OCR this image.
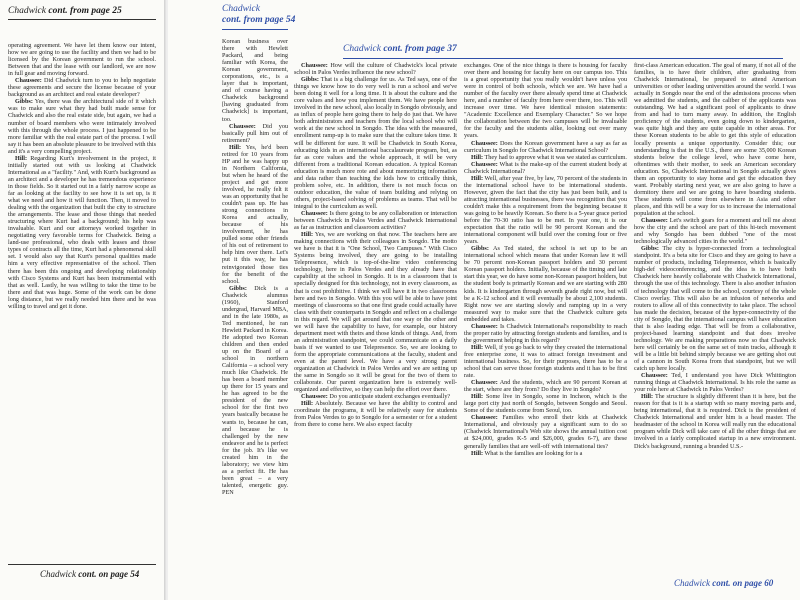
Chadwick cont. from page 25

operating agreement. We have let them know our intent, how we are going to use the facility and then we had to be licensed by the Korean government to run the school. Between that and the lease with our landlord, we are now in full gear and moving forward.

Chaussee: Did Chadwick turn to you to help negotiate these agreements and secure the license because of your background as an architect and real estate developer?

Gibbs: Yes, there was the architectural side of it which was to make sure what they had built made sense for Chadwick and also the real estate side, but again, we had a number of board members who were intimately involved with this through the whole process. I just happened to be more familiar with the real estate part of the process. I will say it has been an absolute pleasure to be involved with this and it's a very compelling project.

Hill: Regarding Kurt's involvement in the project, it initially started out with us looking at Chadwick International as a "facility." And, with Kurt's background as an architect and a developer he has tremendous experience in those fields. So it started out in a fairly narrow scope as far as looking at the facility to see how it is set up, is it what we need and how it will function. Then, it moved to dealing with the organization that built the city to structure the arrangements. The lease and those things that needed structuring where Kurt had a background; his help was invaluable. Kurt and our attorneys worked together in negotiating very favorable terms for Chadwick. Being a land-use professional, who deals with leases and those types of contracts all the time, Kurt had a phenomenal skill set. I would also say that Kurt's personal qualities made him a very effective representative of the school. Then there has been this ongoing and developing relationship with Cisco Systems and Kurt has been instrumental with that as well. Lastly, he was willing to take the time to be there and that was huge. Some of the work can be done long distance, but we really needed him there and he was willing to travel and get it done.

Chadwick cont. on page 54
Chadwick
cont. from page 54
Chadwick cont. from page 37

Korean business over there with Hewlett Packard, and being familiar with Korea, the Korean government, corporations, etc., is a layer that is important, and of course having a Chadwick background [having graduated from Chadwick] is important, too.

Chaussee: Did you basically pull him out of retirement?

Hill: Yes, he'd been retired for 10 years from HP and he was happy up in Northern California, but when he heard of the project and got more involved, he really felt it was an opportunity that he couldn't pass up. He has strong connections in Korea and actually, because of his involvement, he has pulled some other friends of his out of retirement to help him over there. Let's put it this way, he has reinvigorated those ties for the benefit of the school.

Gibbs: Dick is a Chadwick alumnus (1960), Stanford undergrad, Harvard MBA, and in the late 1980s, as Ted mentioned, he ran Hewlett Packard in Korea. He adopted two Korean children and then ended up on the Board of a school in northern California – a school very much like Chadwick. He has been a board member up there for 15 years and he has agreed to be the president of the new school for the first two years basically because he wants to, because he can, and because he is challenged by the new endeavor and he is perfect for the job. It's like we created him in the laboratory; we view him as a perfect fit. He has been great – a very talented, energetic guy. PEN

Chaussee: How will the culture of Chadwick's local private school in Palos Verdes influence the new school?

Gibbs: That is a big challenge for us. As Ted says, one of the things we know how to do very well is run a school and we've been doing it well for a long time. It is about the culture and the core values and how you implement them. We have people here involved in the new school, also locally in Songdo obviously, and as influx of people here going there to help do just that. We have both administrators and teachers from the local school who will work at the new school in Songdo. The idea with the measured, enrollment ramp-up is to make sure that the culture takes time. It will be different for sure. It will be Chadwick in South Korea, educating kids in an international baccalaureate program, but, as far as core values and the whole approach, it will be very different from a traditional Korean education. A typical Korean education is much more rote and about memorizing information and data rather than teaching the kids how to critically think, problem solve, etc. In addition, there is not much focus on outdoor education, the value of team building and relying on others, project-based solving of problems as teams. That will be integral to the curriculum as well.

Chaussee: Is there going to be any collaboration or interaction between Chadwick in Palos Verdes and Chadwick International as far as instruction and classroom activities?

Hill: Yes, we are working on that now. The teachers here are making connections with their colleagues in Songdo. The motto we have is that it is "One School, Two Campuses." With Cisco Systems being involved, they are going to be installing Telepresence, which is top-of-the-line video conferencing technology, here in Palos Verdes and they already have that capability at the school in Songdo. It is in a classroom that is specially designed for this technology, not in every classroom, as that is cost prohibitive. I think we will have it in two classrooms here and two in Songdo. With this you will be able to have joint meetings of classrooms so that one first grade could actually have class with their counterparts in Songdo and reflect on a challenge in this regard. We will get around that one way or the other and we will have the capability to have, for example, our history department meet with theirs and those kinds of things. And, from an administration standpoint, we could communicate on a daily basis if we wanted to use Telepresence. So, we are looking to form the appropriate communications at the faculty, student and even at the parent level. We have a very strong parent organization at Chadwick in Palos Verdes and we are setting up the same in Songdo so it will be great for the two of them to collaborate. Our parent organization here is extremely well-organized and effective, so they can help the effort over there.

Chaussee: Do you anticipate student exchanges eventually?

Hill: Absolutely. Because we have the ability to control and coordinate the programs, it will be relatively easy for students from Palos Verdes to go to Songdo for a semester or for a student from there to come here. We also expect faculty

exchanges. One of the nice things is there is housing for faculty over there and housing for faculty here on our campus too. This is a great opportunity that you really wouldn't have unless you were in control of both schools, which we are. We have had a number of the faculty over there already spend time at Chadwick here, and a number of faculty from here over there, too. This will increase over time. We have identical mission statements: "Academic Excellence and Exemplary Character." So we hope the collaboration between the two campuses will be invaluable for the faculty and the students alike, looking out over many years.

Chaussee: Does the Korean government have a say as far as curriculum in Songdo for Chadwick International School?

Hill: They had to approve what it was we stated as curriculum.

Chaussee: What is the make-up of the current student body at Chadwick International?

Hill: Well, after year five, by law, 70 percent of the students in the international school have to be international students. However, given the fact that the city has just been built, and is attracting international businesses, there was recognition that you couldn't make this a requirement from the beginning because it was going to be heavily Korean. So there is a 5-year grace period before the 70-30 ratio has to be met. In year one, it is our expectation that the ratio will be 90 percent Korean and the international component will build over the coming four or five years.

Gibbs: As Ted stated, the school is set up to be an international school which means that under Korean law it will be 70 percent non-Korean passport holders and 30 percent Korean passport holders. Initially, because of the timing and late start this year, we do have some non-Korean passport holders, but the student body is primarily Korean and we are starting with 280 kids. It is kindergarten through seventh grade right now, but will be a K-12 school and it will eventually be about 2,100 students. Right now we are starting slowly and ramping up in a very measured way to make sure that the Chadwick culture gets embedded and takes.

Chaussee: Is Chadwick International's responsibility to reach the proper ratio by attracting foreign students and families, and is the government helping in this regard?

Hill: Well, if you go back to why they created the international free enterprise zone, it was to attract foreign investment and international business. So, for their purposes, there has to be a school that can serve those foreign students and it has to be first rate.

Chaussee: And the students, which are 90 percent Korean at the start, where are they from? Do they live in Songdo?

Hill: Some live in Songdo, some in Incheon, which is the large port city just north of Songdo, between Songdo and Seoul. Some of the students come from Seoul, too.

Chaussee: Families who enroll their kids at Chadwick International, and obviously pay a significant sum to do so (Chadwick International's Web site shows the annual tuition cost at $24,000, grades K-5 and $26,000, grades 6-7), are these generally families that are well-off with international ties?

Hill: What is the families are looking for is a

first-class American education. The goal of many, if not all of the families, is to have their children, after graduating from Chadwick International, be prepared to attend American universities or other leading universities around the world. I was actually in Songdo near the end of the admissions process when we admitted the students, and the caliber of the applicants was outstanding. We had a significant pool of applicants to draw from and had to turn many away. In addition, the English proficiency of the students, even going down to kindergarten, was quite high and they are quite capable in other areas. For these Korean students to be able to get this style of education locally presents a unique opportunity. Consider this; our understanding is that in the U.S., there are some 35,000 Korean students below the college level, who have come here, oftentimes with their mother, to seek an American secondary education. So, Chadwick International in Songdo actually gives them an opportunity to stay home and get the education they want. Probably starting next year, we are also going to have a dormitory there and we are going to have boarding students. These students will come from elsewhere in Asia and other places, and this will be a way for us to increase the international population at the school.

Chaussee: Let's switch gears for a moment and tell me about how the city and the school are part of this hi-tech movement and why Songdo has been dubbed "one of the most technologically advanced cities in the world."

Gibbs: The city is hyper-connected from a technological standpoint. It's a beta site for Cisco and they are going to have a number of products, including Telepresence, which is basically high-def videoconferencing, and the idea is to have both Chadwick here heavily collaborate with Chadwick International, through the use of this technology. There is also another infusion of technology that will come to the school, courtesy of the whole Cisco overlay. This will also be an infusion of networks and routers to allow all of this connectivity to take place. The school has made the decision, because of the hyper-connectivity of the city of Songdo, that the international campus will have education that is also leading edge. That will be from a collaborative, project-based learning standpoint and that does involve technology. We are making preparations now so that Chadwick here will certainly be on the same set of train tracks, although it will be a little bit behind simply because we are getting shot out of a cannon in South Korea from that standpoint, but we will catch up here locally.

Chaussee: Ted, I understand you have Dick Whittington running things at Chadwick International. Is his role the same as your role here at Chadwick in Palos Verdes?

Hill: The structure is slightly different than it is here, but the reason for that is it is a startup with so many moving parts and, being international, that it is required. Dick is the president of Chadwick International and under him is a head master. The headmaster of the school in Korea will really run the educational program while Dick will take care of all the other things that are involved in a fairly complicated startup in a new environment. Dick's background, running a branded U.S.-

Chadwick cont. on page 60
